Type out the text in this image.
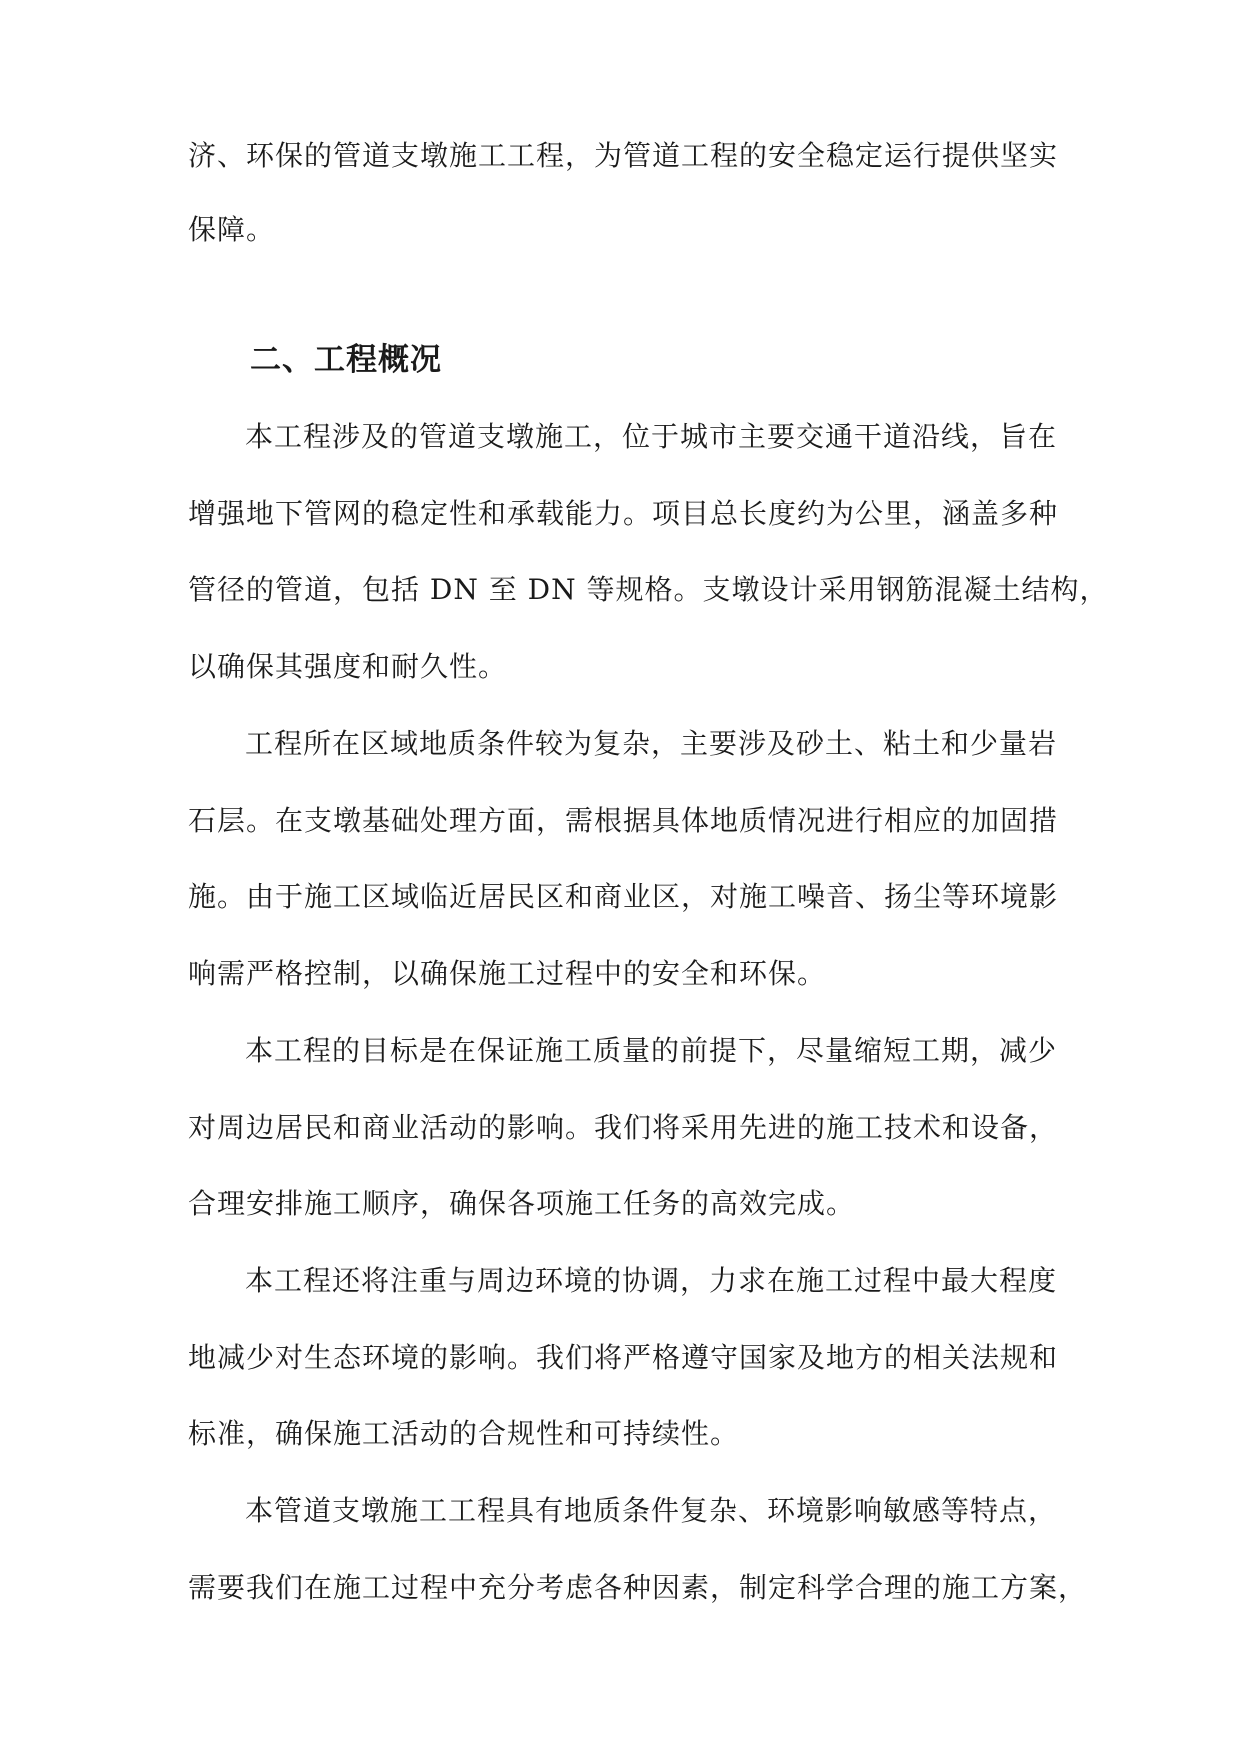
济、环保的管道支墩施工工程，为管道工程的安全稳定运行提供坚实
保障。
二、工程概况
本工程涉及的管道支墩施工，位于城市主要交通干道沿线，旨在
增强地下管网的稳定性和承载能力。项目总长度约为公里，涵盖多种
管径的管道，包括 DN 至 DN 等规格。支墩设计采用钢筋混凝土结构，
以确保其强度和耐久性。
工程所在区域地质条件较为复杂，主要涉及砂土、粘土和少量岩
石层。在支墩基础处理方面，需根据具体地质情况进行相应的加固措
施。由于施工区域临近居民区和商业区，对施工噪音、扬尘等环境影
响需严格控制，以确保施工过程中的安全和环保。
本工程的目标是在保证施工质量的前提下，尽量缩短工期，减少
对周边居民和商业活动的影响。我们将采用先进的施工技术和设备，
合理安排施工顺序，确保各项施工任务的高效完成。
本工程还将注重与周边环境的协调，力求在施工过程中最大程度
地减少对生态环境的影响。我们将严格遵守国家及地方的相关法规和
标准，确保施工活动的合规性和可持续性。
本管道支墩施工工程具有地质条件复杂、环境影响敏感等特点，
需要我们在施工过程中充分考虑各种因素，制定科学合理的施工方案，
